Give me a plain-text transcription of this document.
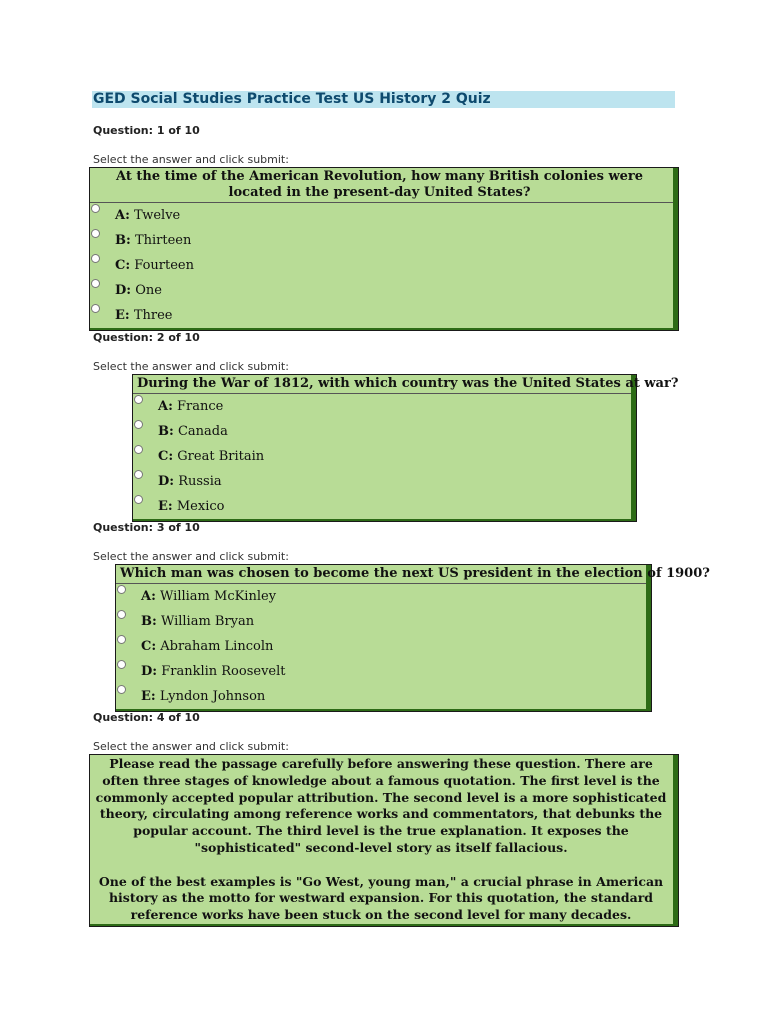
GED Social Studies Practice Test US History 2 Quiz
Question: 1 of 10
Select the answer and click submit:
At the time of the American Revolution, how many British colonies were located in the present-day United States?
A: Twelve
B: Thirteen
C: Fourteen
D: One
E: Three
Question: 2 of 10
Select the answer and click submit:
During the War of 1812, with which country was the United States at war?
A: France
B: Canada
C: Great Britain
D: Russia
E: Mexico
Question: 3 of 10
Select the answer and click submit:
Which man was chosen to become the next US president in the election of 1900?
A: William McKinley
B: William Bryan
C: Abraham Lincoln
D: Franklin Roosevelt
E: Lyndon Johnson
Question: 4 of 10
Select the answer and click submit:

Please read the passage carefully before answering these question. There are often three stages of knowledge about a famous quotation. The first level is the commonly accepted popular attribution. The second level is a more sophisticated theory, circulating among reference works and commentators, that debunks the popular account. The third level is the true explanation. It exposes the "sophisticated" second-level story as itself fallacious.

One of the best examples is "Go West, young man," a crucial phrase in American history as the motto for westward expansion. For this quotation, the standard reference works have been stuck on the second level for many decades.
